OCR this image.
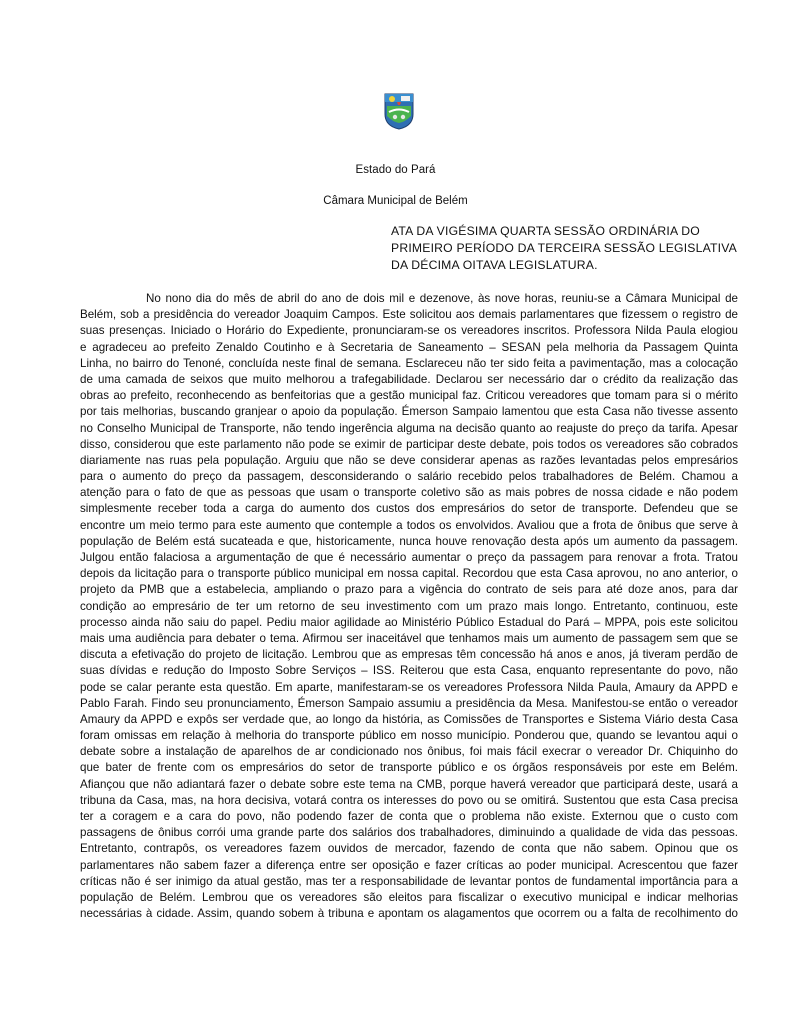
Estado do Pará
Câmara Municipal de Belém
ATA DA VIGÉSIMA QUARTA SESSÃO ORDINÁRIA DO
PRIMEIRO PERÍODO DA TERCEIRA SESSÃO LEGISLATIVA
DA DÉCIMA OITAVA LEGISLATURA.
No nono dia do mês de abril do ano de dois mil e dezenove, às nove horas, reuniu-se a Câmara Municipal de
Belém, sob a presidência do vereador Joaquim Campos. Este solicitou aos demais parlamentares que fizessem o registro de
suas presenças. Iniciado o Horário do Expediente, pronunciaram-se os vereadores inscritos. Professora Nilda Paula elogiou
e agradeceu ao prefeito Zenaldo Coutinho e à Secretaria de Saneamento – SESAN pela melhoria da Passagem Quinta
Linha, no bairro do Tenoné, concluída neste final de semana. Esclareceu não ter sido feita a pavimentação, mas a colocação
de uma camada de seixos que muito melhorou a trafegabilidade. Declarou ser necessário dar o crédito da realização das
obras ao prefeito, reconhecendo as benfeitorias que a gestão municipal faz. Criticou vereadores que tomam para si o mérito
por tais melhorias, buscando granjear o apoio da população. Émerson Sampaio lamentou que esta Casa não tivesse assento
no Conselho Municipal de Transporte, não tendo ingerência alguma na decisão quanto ao reajuste do preço da tarifa. Apesar
disso, considerou que este parlamento não pode se eximir de participar deste debate, pois todos os vereadores são cobrados
diariamente nas ruas pela população. Arguiu que não se deve considerar apenas as razões levantadas pelos empresários
para o aumento do preço da passagem, desconsiderando o salário recebido pelos trabalhadores de Belém. Chamou a
atenção para o fato de que as pessoas que usam o transporte coletivo são as mais pobres de nossa cidade e não podem
simplesmente receber toda a carga do aumento dos custos dos empresários do setor de transporte. Defendeu que se
encontre um meio termo para este aumento que contemple a todos os envolvidos. Avaliou que a frota de ônibus que serve à
população de Belém está sucateada e que, historicamente, nunca houve renovação desta após um aumento da passagem.
Julgou então falaciosa a argumentação de que é necessário aumentar o preço da passagem para renovar a frota. Tratou
depois da licitação para o transporte público municipal em nossa capital. Recordou que esta Casa aprovou, no ano anterior, o
projeto da PMB que a estabelecia, ampliando o prazo para a vigência do contrato de seis para até doze anos, para dar
condição ao empresário de ter um retorno de seu investimento com um prazo mais longo. Entretanto, continuou, este
processo ainda não saiu do papel. Pediu maior agilidade ao Ministério Público Estadual do Pará – MPPA, pois este solicitou
mais uma audiência para debater o tema. Afirmou ser inaceitável que tenhamos mais um aumento de passagem sem que se
discuta a efetivação do projeto de licitação. Lembrou que as empresas têm concessão há anos e anos, já tiveram perdão de
suas dívidas e redução do Imposto Sobre Serviços – ISS. Reiterou que esta Casa, enquanto representante do povo, não
pode se calar perante esta questão. Em aparte, manifestaram-se os vereadores Professora Nilda Paula, Amaury da APPD e
Pablo Farah. Findo seu pronunciamento, Émerson Sampaio assumiu a presidência da Mesa. Manifestou-se então o vereador
Amaury da APPD e expôs ser verdade que, ao longo da história, as Comissões de Transportes e Sistema Viário desta Casa
foram omissas em relação à melhoria do transporte público em nosso município. Ponderou que, quando se levantou aqui o
debate sobre a instalação de aparelhos de ar condicionado nos ônibus, foi mais fácil execrar o vereador Dr. Chiquinho do
que bater de frente com os empresários do setor de transporte público e os órgãos responsáveis por este em Belém.
Afiançou que não adiantará fazer o debate sobre este tema na CMB, porque haverá vereador que participará deste, usará a
tribuna da Casa, mas, na hora decisiva, votará contra os interesses do povo ou se omitirá. Sustentou que esta Casa precisa
ter a coragem e a cara do povo, não podendo fazer de conta que o problema não existe. Externou que o custo com
passagens de ônibus corrói uma grande parte dos salários dos trabalhadores, diminuindo a qualidade de vida das pessoas.
Entretanto, contrapôs, os vereadores fazem ouvidos de mercador, fazendo de conta que não sabem. Opinou que os
parlamentares não sabem fazer a diferença entre ser oposição e fazer críticas ao poder municipal. Acrescentou que fazer
críticas não é ser inimigo da atual gestão, mas ter a responsabilidade de levantar pontos de fundamental importância para a
população de Belém. Lembrou que os vereadores são eleitos para fiscalizar o executivo municipal e indicar melhorias
necessárias à cidade. Assim, quando sobem à tribuna e apontam os alagamentos que ocorrem ou a falta de recolhimento do
